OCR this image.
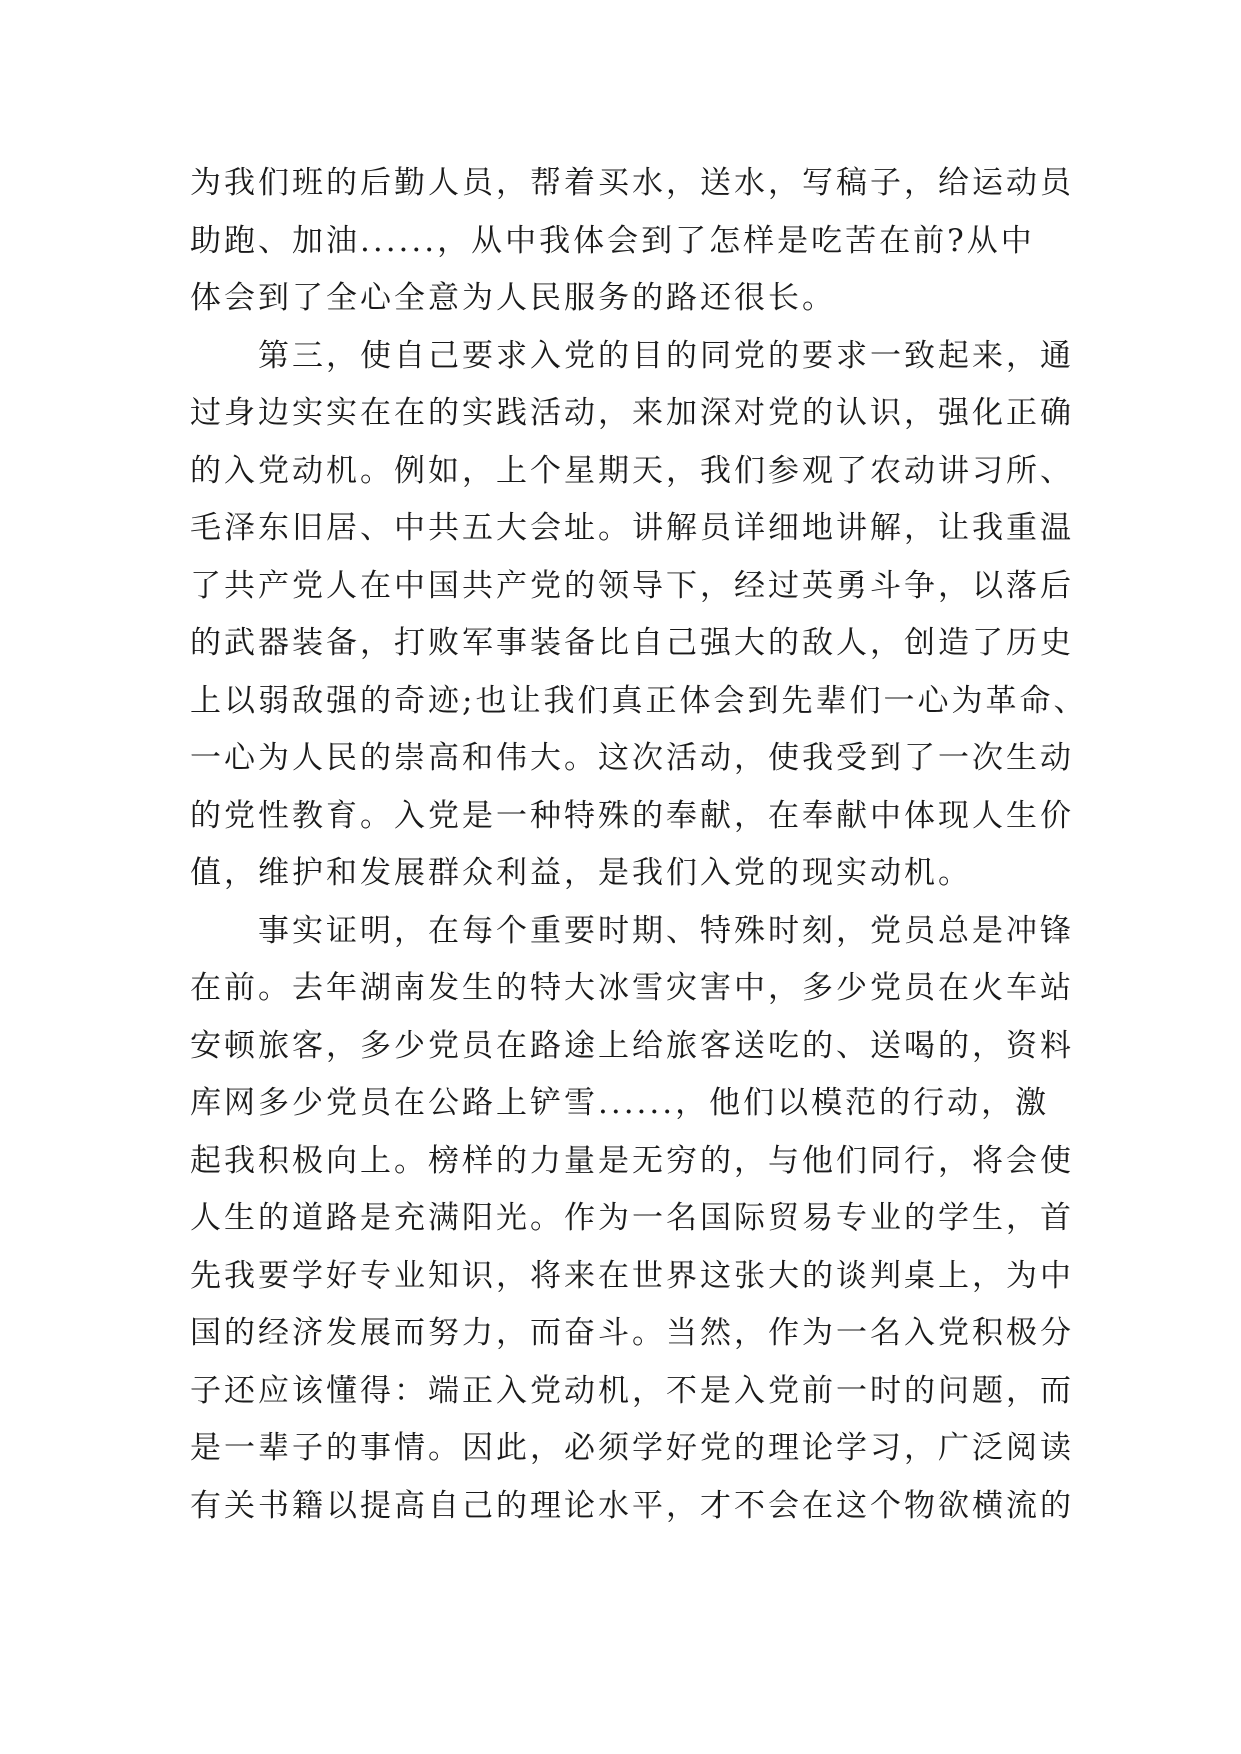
为我们班的后勤人员，帮着买水，送水，写稿子，给运动员
助跑、加油......，从中我体会到了怎样是吃苦在前?从中
体会到了全心全意为人民服务的路还很长。
第三，使自己要求入党的目的同党的要求一致起来，通
过身边实实在在的实践活动，来加深对党的认识，强化正确
的入党动机。例如，上个星期天，我们参观了农动讲习所、
毛泽东旧居、中共五大会址。讲解员详细地讲解，让我重温
了共产党人在中国共产党的领导下，经过英勇斗争，以落后
的武器装备，打败军事装备比自己强大的敌人，创造了历史
上以弱敌强的奇迹;也让我们真正体会到先辈们一心为革命、
一心为人民的崇高和伟大。这次活动，使我受到了一次生动
的党性教育。入党是一种特殊的奉献，在奉献中体现人生价
值，维护和发展群众利益，是我们入党的现实动机。
事实证明，在每个重要时期、特殊时刻，党员总是冲锋
在前。去年湖南发生的特大冰雪灾害中，多少党员在火车站
安顿旅客，多少党员在路途上给旅客送吃的、送喝的，资料
库网多少党员在公路上铲雪......，他们以模范的行动，激
起我积极向上。榜样的力量是无穷的，与他们同行，将会使
人生的道路是充满阳光。作为一名国际贸易专业的学生，首
先我要学好专业知识，将来在世界这张大的谈判桌上，为中
国的经济发展而努力，而奋斗。当然，作为一名入党积极分
子还应该懂得：端正入党动机，不是入党前一时的问题，而
是一辈子的事情。因此，必须学好党的理论学习，广泛阅读
有关书籍以提高自己的理论水平，才不会在这个物欲横流的
